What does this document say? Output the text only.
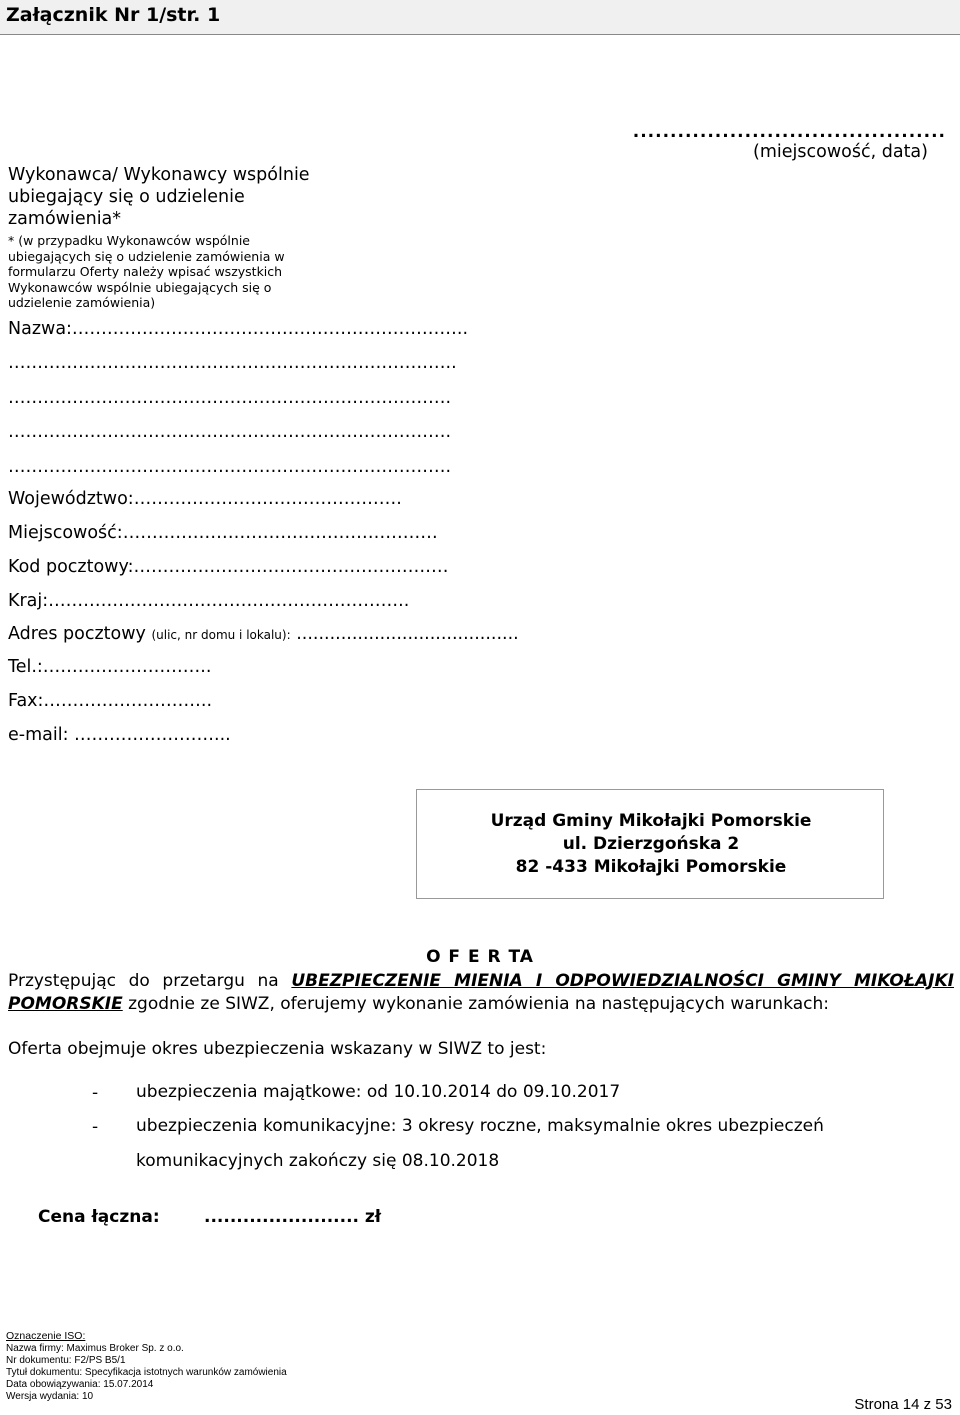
Załącznik Nr 1/str. 1
..........................................
(miejscowość, data)
Wykonawca/ Wykonawcy wspólnie ubiegający się o udzielenie zamówienia*
* (w przypadku Wykonawców wspólnie ubiegających się o udzielenie zamówienia w formularzu Oferty należy wpisać wszystkich Wykonawców wspólnie ubiegających się o udzielenie zamówienia)
Nazwa:…………………………………………………………..
…………………………………………………………………..
………………………………………………………………….
………………………………………………………………….
………………………………………………………………….
Województwo:……………………………………….
Miejscowość:………………………………………………
Kod pocztowy:………………………………………………
Kraj:……………………………………………………..
Adres pocztowy (ulic, nr domu i lokalu): ........................................
Tel.:………………………..
Fax:………………………..
e-mail: ……………………...
Urząd Gminy Mikołajki Pomorskie
ul. Dzierzgońska 2
82 -433 Mikołajki Pomorskie
O F E R TA
Przystępując do przetargu na UBEZPIECZENIE MIENIA I ODPOWIEDZIALNOŚCI GMINY MIKOŁAJKI POMORSKIE zgodnie ze SIWZ, oferujemy wykonanie zamówienia na następujących warunkach:
Oferta obejmuje okres ubezpieczenia wskazany w SIWZ to jest:
- ubezpieczenia majątkowe: od 10.10.2014 do 09.10.2017
- ubezpieczenia komunikacyjne: 3 okresy roczne, maksymalnie okres ubezpieczeń komunikacyjnych zakończy się 08.10.2018
Cena łączna:	........................ zł
Oznaczenie ISO:
Nazwa firmy: Maximus Broker Sp. z o.o.
Nr dokumentu: F2/PS B5/1
Tytuł dokumentu: Specyfikacja istotnych warunków zamówienia
Data obowiązywania: 15.07.2014
Wersja wydania: 10	Strona 14 z 53
